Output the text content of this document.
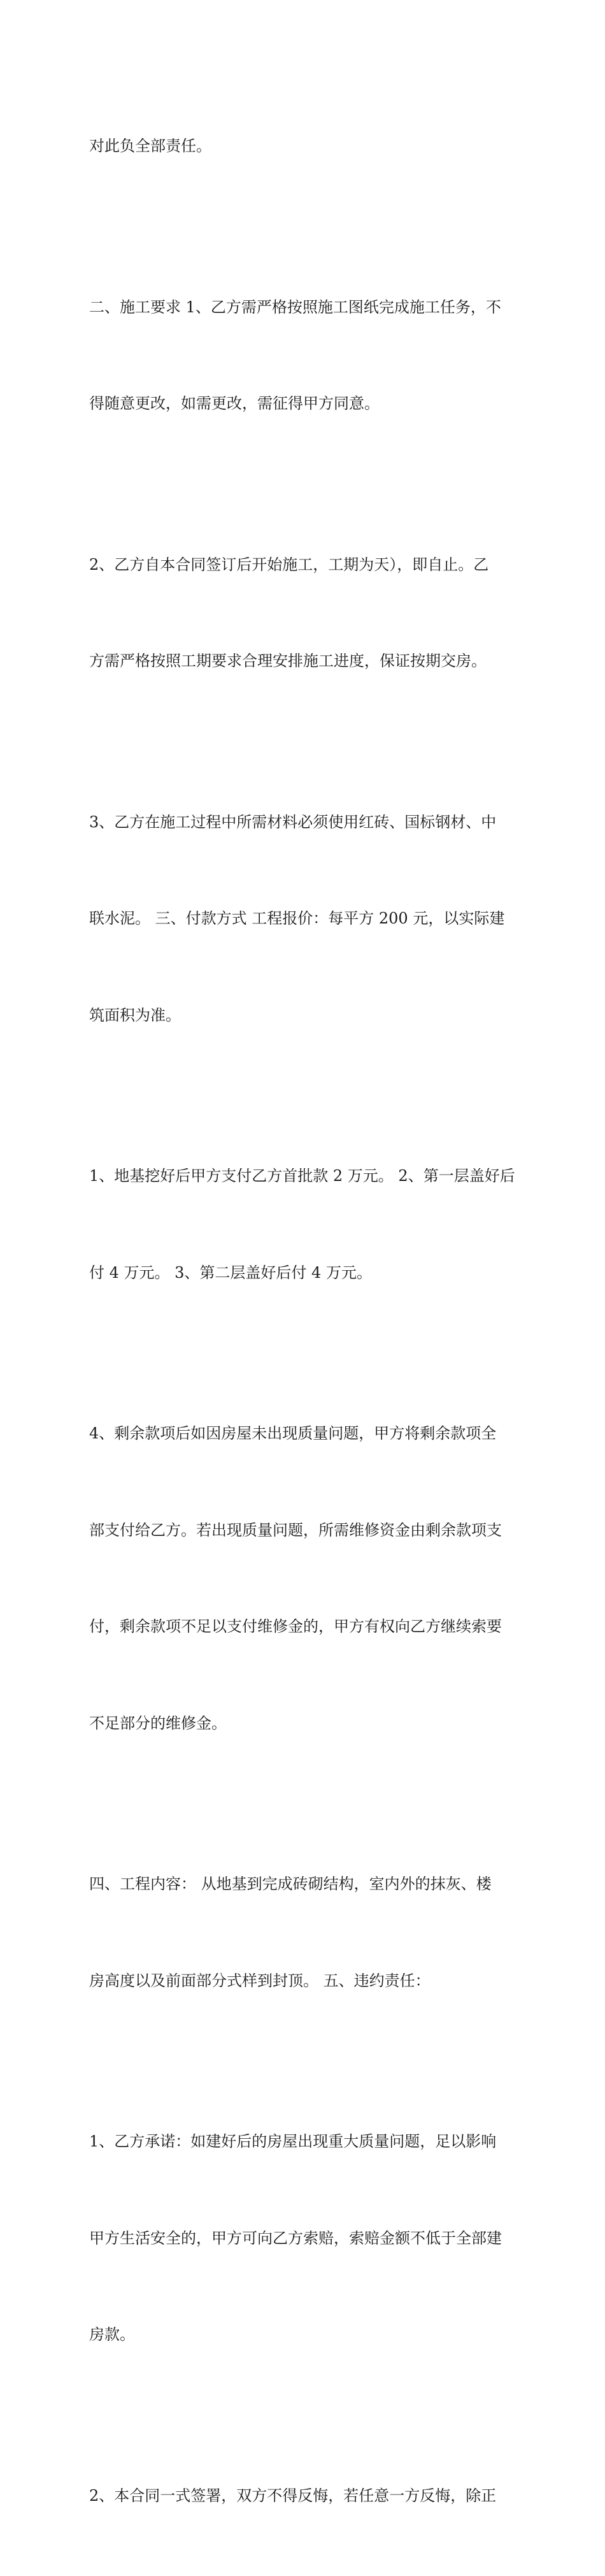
对此负全部责任。

二、施工要求 1、乙方需严格按照施工图纸完成施工任务，不

得随意更改，如需更改，需征得甲方同意。

2、乙方自本合同签订后开始施工，工期为天），即自止。乙

方需严格按照工期要求合理安排施工进度，保证按期交房。

3、乙方在施工过程中所需材料必须使用红砖、国标钢材、中

联水泥。 三、付款方式 工程报价：每平方 200 元，以实际建

筑面积为准。

1、地基挖好后甲方支付乙方首批款 2 万元。 2、第一层盖好后

付 4 万元。 3、第二层盖好后付 4 万元。

4、剩余款项后如因房屋未出现质量问题，甲方将剩余款项全

部支付给乙方。若出现质量问题，所需维修资金由剩余款项支

付，剩余款项不足以支付维修金的，甲方有权向乙方继续索要

不足部分的维修金。

四、工程内容： 从地基到完成砖砌结构，室内外的抹灰、楼

房高度以及前面部分式样到封顶。 五、违约责任：

1、乙方承诺：如建好后的房屋出现重大质量问题，足以影响

甲方生活安全的，甲方可向乙方索赔，索赔金额不低于全部建

房款。

2、本合同一式签署，双方不得反悔，若任意一方反悔，除正
